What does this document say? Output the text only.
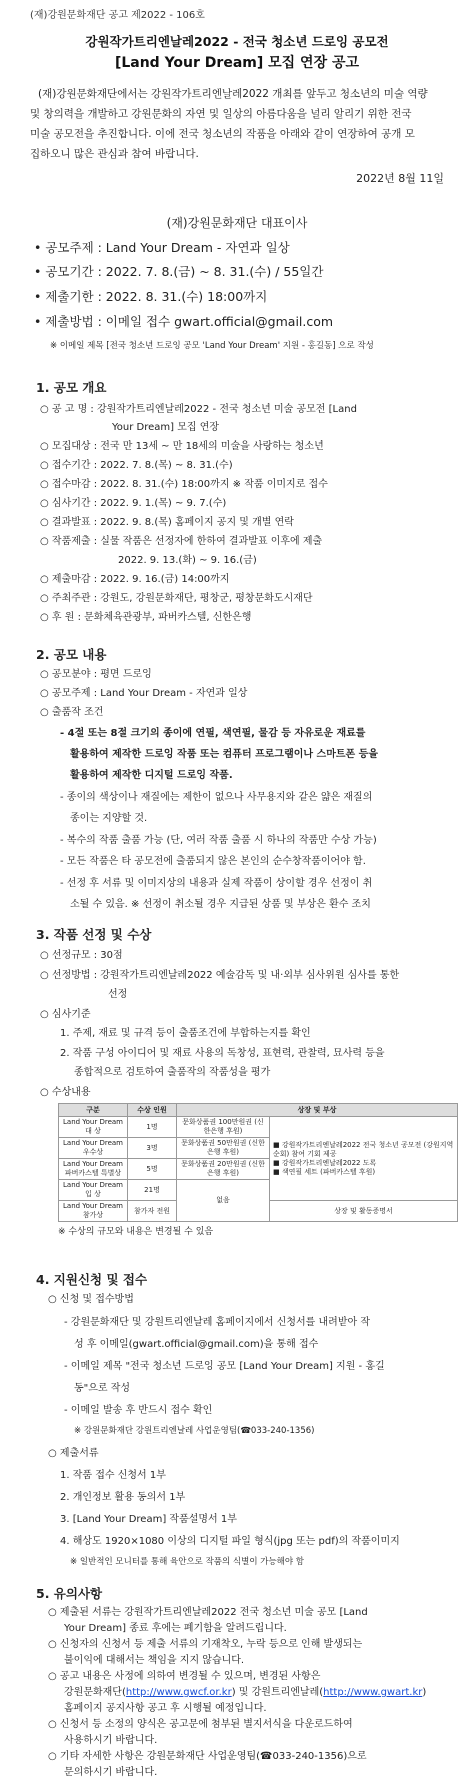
(재)강원문화재단 공고 제2022 - 106호
강원작가트리엔날레2022 - 전국 청소년 드로잉 공모전
[Land Your Dream] 모집 연장 공고
(재)강원문화재단에서는 강원작가트리엔날레2022 개최를 앞두고 청소년의 미술 역량
및 창의력을 개발하고 강원문화의 자연 및 일상의 아름다움을 널리 알리기 위한 전국
미술 공모전을 추진합니다. 이에 전국 청소년의 작품을 아래와 같이 연장하여 공개 모
집하오니 많은 관심과 참여 바랍니다.
2022년 8월 11일
(재)강원문화재단 대표이사
• 공모주제 : Land Your Dream - 자연과 일상
• 공모기간 : 2022. 7. 8.(금) ~ 8. 31.(수) / 55일간
• 제출기한 : 2022. 8. 31.(수) 18:00까지
• 제출방법 : 이메일 접수 gwart.official@gmail.com
※ 이메일 제목 [전국 청소년 드로잉 공모 'Land Your Dream' 지원 - 홍길동] 으로 작성
1. 공모 개요
○ 공 고 명 : 강원작가트리엔날레2022 - 전국 청소년 미술 공모전 [Land
Your Dream] 모집 연장
○ 모집대상 : 전국 만 13세 ~ 만 18세의 미술을 사랑하는 청소년
○ 접수기간 : 2022. 7. 8.(목) ~ 8. 31.(수)
○ 접수마감 : 2022. 8. 31.(수) 18:00까지 ※ 작품 이미지로 접수
○ 심사기간 : 2022. 9. 1.(목) ~ 9. 7.(수)
○ 결과발표 : 2022. 9. 8.(목) 홈페이지 공지 및 개별 연락
○ 작품제출 : 실물 작품은 선정자에 한하여 결과발표 이후에 제출
2022. 9. 13.(화) ~ 9. 16.(금)
○ 제출마감 : 2022. 9. 16.(금) 14:00까지
○ 주최주관 : 강원도, 강원문화재단, 평창군, 평창문화도시재단
○ 후 원 : 문화체육관광부, 파버카스텔, 신한은행
2. 공모 내용
○ 공모분야 : 평면 드로잉
○ 공모주제 : Land Your Dream - 자연과 일상
○ 출품작 조건
- 4절 또는 8절 크기의 종이에 연필, 색연필, 물감 등 자유로운 재료를
활용하여 제작한 드로잉 작품 또는 컴퓨터 프로그램이나 스마트폰 등을
활용하여 제작한 디지털 드로잉 작품.
- 종이의 색상이나 재질에는 제한이 없으나 사무용지와 같은 얇은 재질의
종이는 지양할 것.
- 복수의 작품 출품 가능 (단, 여러 작품 출품 시 하나의 작품만 수상 가능)
- 모든 작품은 타 공모전에 출품되지 않은 본인의 순수창작품이어야 함.
- 선정 후 서류 및 이미지상의 내용과 실제 작품이 상이할 경우 선정이 취
소될 수 있음. ※ 선정이 취소될 경우 지급된 상품 및 부상은 환수 조치
3. 작품 선정 및 수상
○ 선정규모 : 30점
○ 선정방법 : 강원작가트리엔날레2022 예술감독 및 내·외부 심사위원 심사를 통한
선정
○ 심사기준
1. 주제, 재료 및 규격 등이 출품조건에 부합하는지를 확인
2. 작품 구성 아이디어 및 재료 사용의 독창성, 표현력, 관찰력, 묘사력 등을
종합적으로 검토하여 출품작의 작품성을 평가
○ 수상내용
구분	수상 인원	상장 및 부상	
Land Your Dream 대 상	1명	문화상품권 100만원권 (신한은행 후원)	■ 강원작가트리엔날레2022 전국 청소년 공모전 (강원지역 순회) 참여 기회 제공
■ 강원작가트리엔날레2022 도록
■ 색연필 세트 (파버카스텔 후원)

Land Your Dream 우수상	3명	문화상품권 50만원권 (신한은행 후원)	
Land Your Dream 파버카스텔 특별상	5명	문화상품권 20만원권 (신한은행 후원)	
Land Your Dream 입 상	21명	없음	
Land Your Dream 참가상	참가자 전원		상장 및 활동증명서
※ 수상의 규모와 내용은 변경될 수 있음
4. 지원신청 및 접수
○ 신청 및 접수방법
- 강원문화재단 및 강원트리엔날레 홈페이지에서 신청서를 내려받아 작
성 후 이메일(gwart.official@gmail.com)을 통해 접수
- 이메일 제목 "전국 청소년 드로잉 공모 [Land Your Dream] 지원 - 홍길
동"으로 작성
- 이메일 발송 후 반드시 접수 확인
※ 강원문화재단 강원트리엔날레 사업운영팀(☎033-240-1356)
○ 제출서류
1. 작품 접수 신청서 1부
2. 개인정보 활용 동의서 1부
3. [Land Your Dream] 작품설명서 1부
4. 해상도 1920×1080 이상의 디지털 파일 형식(jpg 또는 pdf)의 작품이미지
※ 일반적인 모니터를 통해 육안으로 작품의 식별이 가능해야 함
5. 유의사항
○ 제출된 서류는 강원작가트리엔날레2022 전국 청소년 미술 공모 [Land
Your Dream] 종료 후에는 폐기함을 알려드립니다.
○ 신청자의 신청서 등 제출 서류의 기재착오, 누락 등으로 인해 발생되는
불이익에 대해서는 책임을 지지 않습니다.
○ 공고 내용은 사정에 의하여 변경될 수 있으며, 변경된 사항은
강원문화재단(http://www.gwcf.or.kr) 및 강원트리엔날레(http://www.gwart.kr)
홈페이지 공지사항 공고 후 시행될 예정입니다.
○ 신청서 등 소정의 양식은 공고문에 첨부된 별지서식을 다운로드하여
사용하시기 바랍니다.
○ 기타 자세한 사항은 강원문화재단 사업운영팀(☎033-240-1356)으로
문의하시기 바랍니다.
